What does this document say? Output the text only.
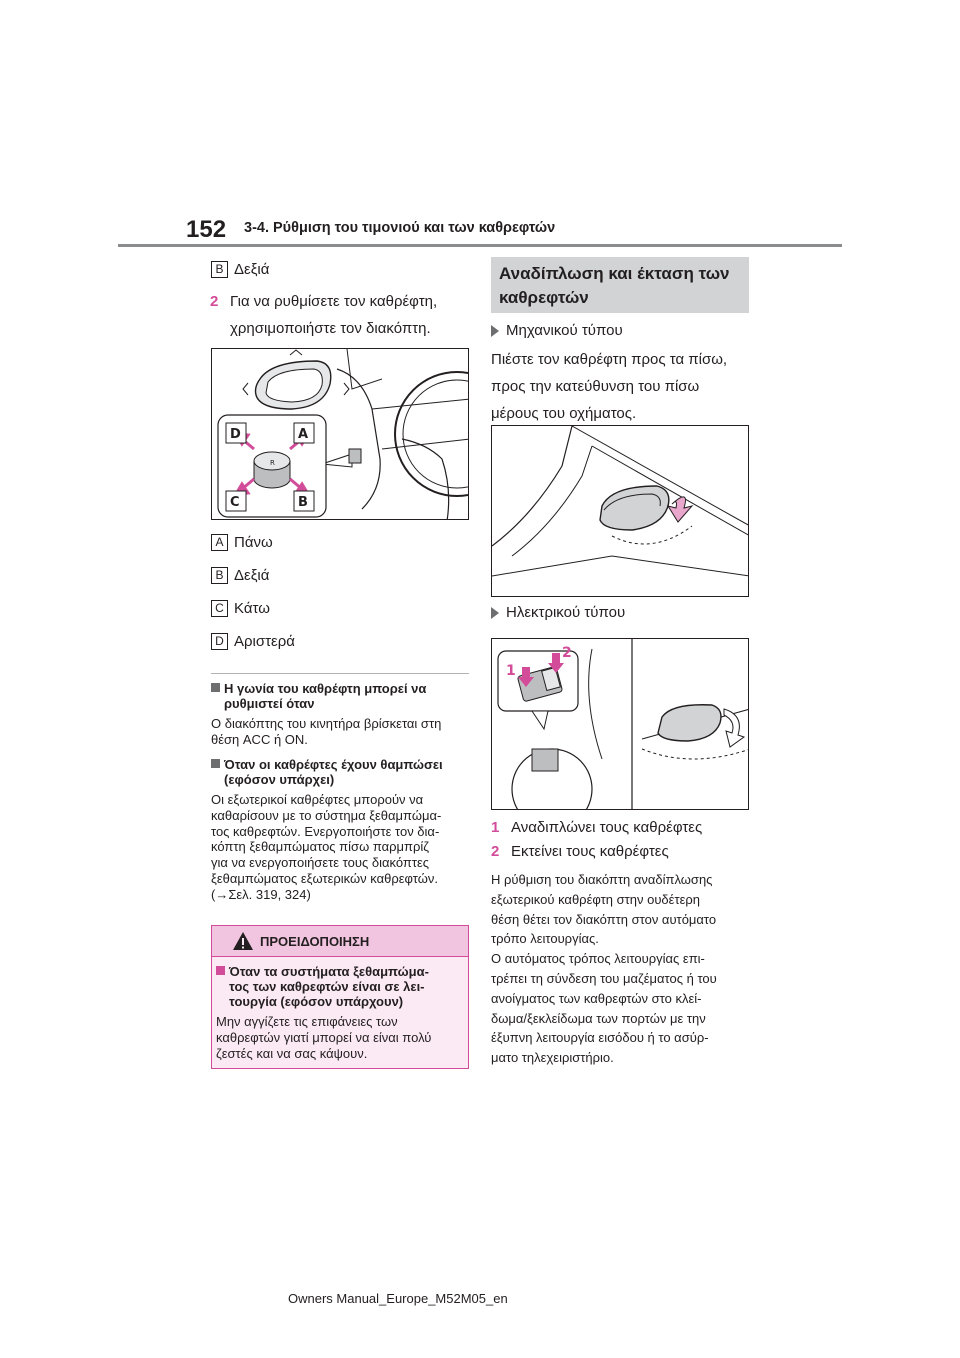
152 3-4. Ρύθμιση του τιμονιού και των καθρεφτών
B Δεξιά
2 Για να ρυθμίσετε τον καθρέφτη,
χρησιμοποιήστε τον διακόπτη.
R
D	A
C	B
A Πάνω
B Δεξιά
C Κάτω
D Αριστερά
Η γωνία του καθρέφτη μπορεί να
ρυθμιστεί όταν
Ο διακόπτης του κινητήρα βρίσκεται στη
θέση ACC ή ON.
Όταν οι καθρέφτες έχουν θαμπώσει
(εφόσον υπάρχει)
Οι εξωτερικοί καθρέφτες μπορούν να
καθαρίσουν με το σύστημα ξεθαμπώμα-
τος καθρεφτών. Ενεργοποιήστε τον δια-
κόπτη ξεθαμπώματος πίσω παρμπρίζ
για να ενεργοποιήσετε τους διακόπτες
ξεθαμπώματος εξωτερικών καθρεφτών.
(→Σελ. 319, 324)
ΠΡΟΕΙΔΟΠΟΙΗΣΗ
Όταν τα συστήματα ξεθαμπώμα-
τος των καθρεφτών είναι σε λει-
τουργία (εφόσον υπάρχουν)
Μην αγγίζετε τις επιφάνειες των
καθρεφτών γιατί μπορεί να είναι πολύ
ζεστές και να σας κάψουν.
Αναδίπλωση και έκταση των
καθρεφτών
Μηχανικού τύπου
Πιέστε τον καθρέφτη προς τα πίσω,
προς την κατεύθυνση του πίσω
μέρους του οχήματος.
Ηλεκτρικού τύπου
1
2
1 Αναδιπλώνει τους καθρέφτες
2 Εκτείνει τους καθρέφτες
Η ρύθμιση του διακόπτη αναδίπλωσης
εξωτερικού καθρέφτη στην ουδέτερη
θέση θέτει τον διακόπτη στον αυτόματο
τρόπο λειτουργίας.
Ο αυτόματος τρόπος λειτουργίας επι-
τρέπει τη σύνδεση του μαζέματος ή του
ανοίγματος των καθρεφτών στο κλεί-
δωμα/ξεκλείδωμα των πορτών με την
έξυπνη λειτουργία εισόδου ή το ασύρ-
ματο τηλεχειριστήριο.
Owners Manual_Europe_M52M05_en
